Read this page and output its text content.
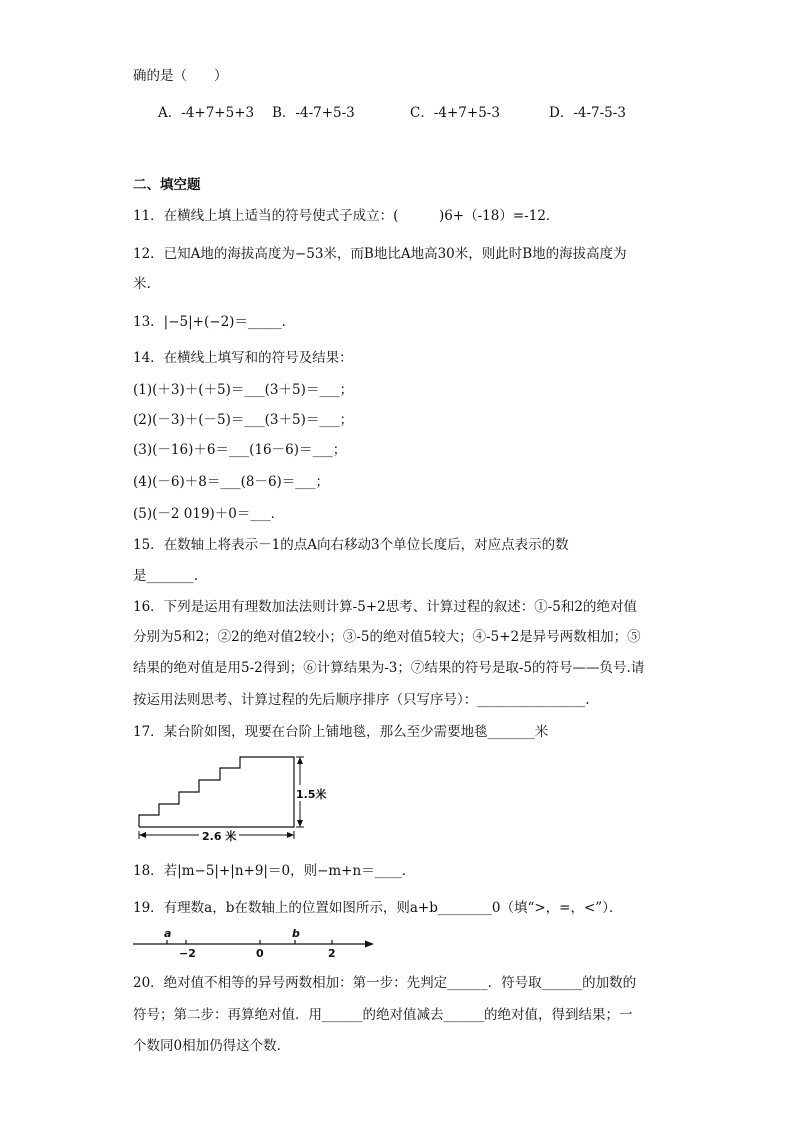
确的是（　　）
A．-4+7+5+3 B．-4-7+5-3	C．-4+7+5-3	D．-4-7-5-3
二、填空题
11．在横线上填上适当的符号使式子成立：(　　　)6+（-18）=-12．
12．已知A地的海拔高度为−53米，而B地比A地高30米，则此时B地的海拔高度为
米.
13．|−5|+(−2)＝_____．
14．在横线上填写和的符号及结果：
(1)(＋3)＋(＋5)＝___(3＋5)＝___；
(2)(－3)＋(－5)＝___(3＋5)＝___；
(3)(－16)＋6＝___(16－6)＝___；
(4)(－6)＋8＝___(8－6)＝___；
(5)(－2 019)＋0＝___．
15．在数轴上将表示－1的点A向右移动3个单位长度后，对应点表示的数
是_______.
16．下列是运用有理数加法法则计算-5+2思考、计算过程的叙述：①-5和2的绝对值
分别为5和2；②2的绝对值2较小；③-5的绝对值5较大；④-5+2是异号两数相加；⑤
结果的绝对值是用5-2得到；⑥计算结果为-3；⑦结果的符号是取-5的符号——负号.请
按运用法则思考、计算过程的先后顺序排序（只写序号）：________________.
17．某台阶如图，现要在台阶上铺地毯，那么至少需要地毯_______米
1.5米
2.6 米
18．若|m−5|+|n+9|＝0，则−m+n＝____．
19．有理数a，b在数轴上的位置如图所示，则a+b________0（填“>，=，<”）．
a	b
−2	0	2
20．绝对值不相等的异号两数相加：第一步：先判定______．符号取______的加数的
符号；第二步：再算绝对值．用______的绝对值减去______的绝对值，得到结果；一
个数同0相加仍得这个数．
